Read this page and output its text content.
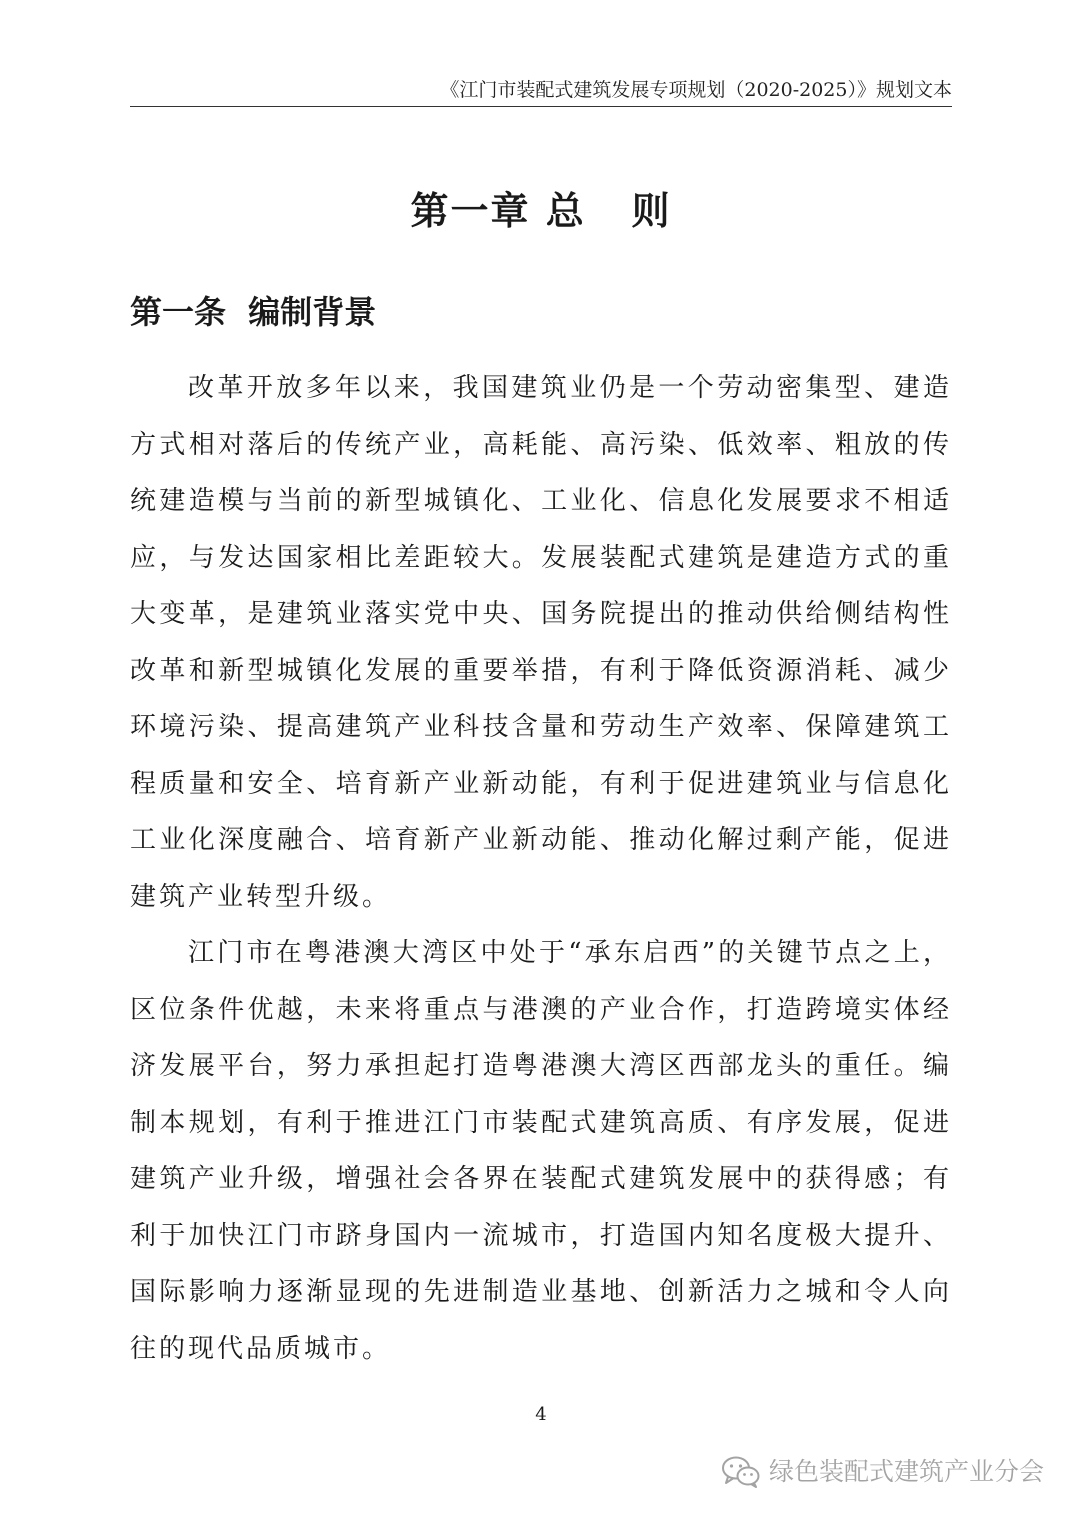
《江门市装配式建筑发展专项规划（2020-2025）》规划文本
第一章 总   则
第一条  编制背景

改革开放多年以来，我国建筑业仍是一个劳动密集型、建造方式相对落后的传统产业，高耗能、高污染、低效率、粗放的传统建造模与当前的新型城镇化、工业化、信息化发展要求不相适应，与发达国家相比差距较大。发展装配式建筑是建造方式的重大变革，是建筑业落实党中央、国务院提出的推动供给侧结构性改革和新型城镇化发展的重要举措，有利于降低资源消耗、减少环境污染、提高建筑产业科技含量和劳动生产效率、保障建筑工程质量和安全、培育新产业新动能，有利于促进建筑业与信息化工业化深度融合、培育新产业新动能、推动化解过剩产能，促进建筑产业转型升级。

江门市在粤港澳大湾区中处于“承东启西”的关键节点之上，区位条件优越，未来将重点与港澳的产业合作，打造跨境实体经济发展平台，努力承担起打造粤港澳大湾区西部龙头的重任。编制本规划，有利于推进江门市装配式建筑高质、有序发展，促进建筑产业升级，增强社会各界在装配式建筑发展中的获得感；有利于加快江门市跻身国内一流城市，打造国内知名度极大提升、国际影响力逐渐显现的先进制造业基地、创新活力之城和令人向往的现代品质城市。

4
绿色装配式建筑产业分会
